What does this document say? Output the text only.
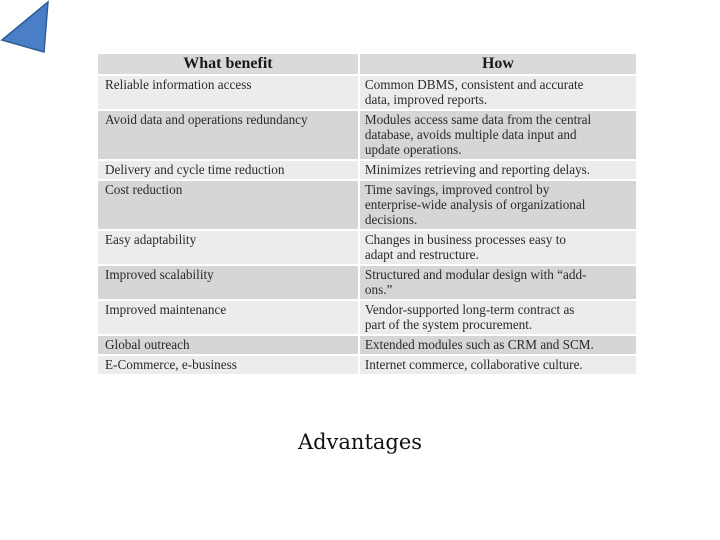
What benefit	How
Reliable information access	Common DBMS, consistent and accurate
data, improved reports.

Avoid data and operations redundancy	Modules access same data from the central
database, avoids multiple data input and
update operations.

Delivery and cycle time reduction	Minimizes retrieving and reporting delays.

Cost reduction	Time savings, improved control by
enterprise-wide analysis of organizational
decisions.

Easy adaptability	Changes in business processes easy to
adapt and restructure.

Improved scalability	Structured and modular design with “add-
ons.”

Improved maintenance	Vendor-supported long-term contract as
part of the system procurement.

Global outreach	Extended modules such as CRM and SCM.

E-Commerce, e-business	Internet commerce, collaborative culture.
Advantages
